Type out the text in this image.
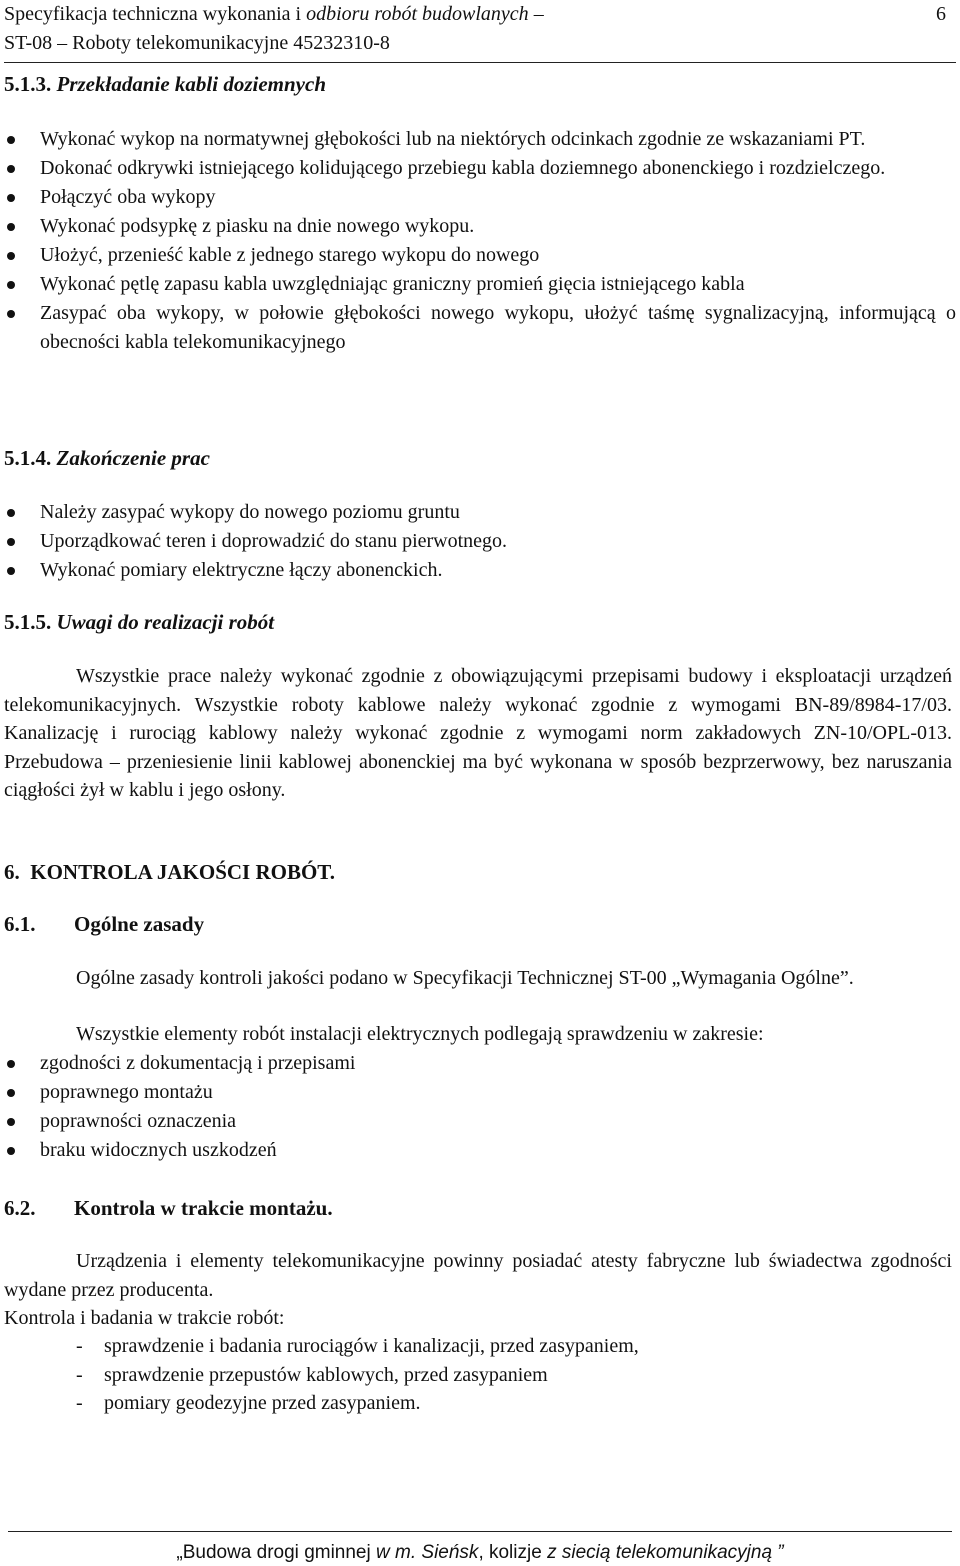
Specyfikacja techniczna wykonania i odbioru robót budowlanych –
ST-08 – Roboty telekomunikacyjne 45232310-8
6
5.1.3. Przekładanie kabli doziemnych
Wykonać wykop na normatywnej głębokości lub na niektórych odcinkach zgodnie ze wskazaniami PT.
Dokonać odkrywki istniejącego kolidującego przebiegu kabla doziemnego abonenckiego i rozdzielczego.
Połączyć oba wykopy
Wykonać podsypkę z piasku na dnie nowego wykopu.
Ułożyć, przenieść kable z jednego starego wykopu do nowego
Wykonać pętlę zapasu kabla uwzględniając graniczny promień gięcia istniejącego kabla
Zasypać oba wykopy, w połowie głębokości nowego wykopu, ułożyć taśmę sygnalizacyjną, informującą o obecności kabla telekomunikacyjnego
5.1.4. Zakończenie prac
Należy zasypać wykopy do nowego poziomu gruntu
Uporządkować teren i doprowadzić do stanu pierwotnego.
Wykonać pomiary elektryczne łączy abonenckich.
5.1.5. Uwagi do realizacji robót

Wszystkie prace należy wykonać zgodnie z obowiązującymi przepisami budowy i eksploatacji urządzeń telekomunikacyjnych. Wszystkie roboty kablowe należy wykonać zgodnie z wymogami BN-89/8984-17/03. Kanalizację i rurociąg kablowy należy wykonać zgodnie z wymogami norm zakładowych ZN-10/OPL-013. Przebudowa – przeniesienie linii kablowej abonenckiej ma być wykonana w sposób bezprzerwowy, bez naruszania ciągłości żył w kablu i jego osłony.

6. KONTROLA JAKOŚCI ROBÓT.
6.1. Ogólne zasady

Ogólne zasady kontroli jakości podano w Specyfikacji Technicznej ST-00 „Wymagania Ogólne”.

Wszystkie elementy robót instalacji elektrycznych podlegają sprawdzeniu w zakresie:

zgodności z dokumentacją i przepisami
poprawnego montażu
poprawności oznaczenia
braku widocznych uszkodzeń
6.2. Kontrola w trakcie montażu.

Urządzenia i elementy telekomunikacyjne powinny posiadać atesty fabryczne lub świadectwa zgodności wydane przez producenta.

Kontrola i badania w trakcie robót:

- sprawdzenie i badania rurociągów i kanalizacji, przed zasypaniem,
- sprawdzenie przepustów kablowych, przed zasypaniem
- pomiary geodezyjne przed zasypaniem.
„Budowa drogi gminnej w m. Sieńsk, kolizje z siecią telekomunikacyjną ”
